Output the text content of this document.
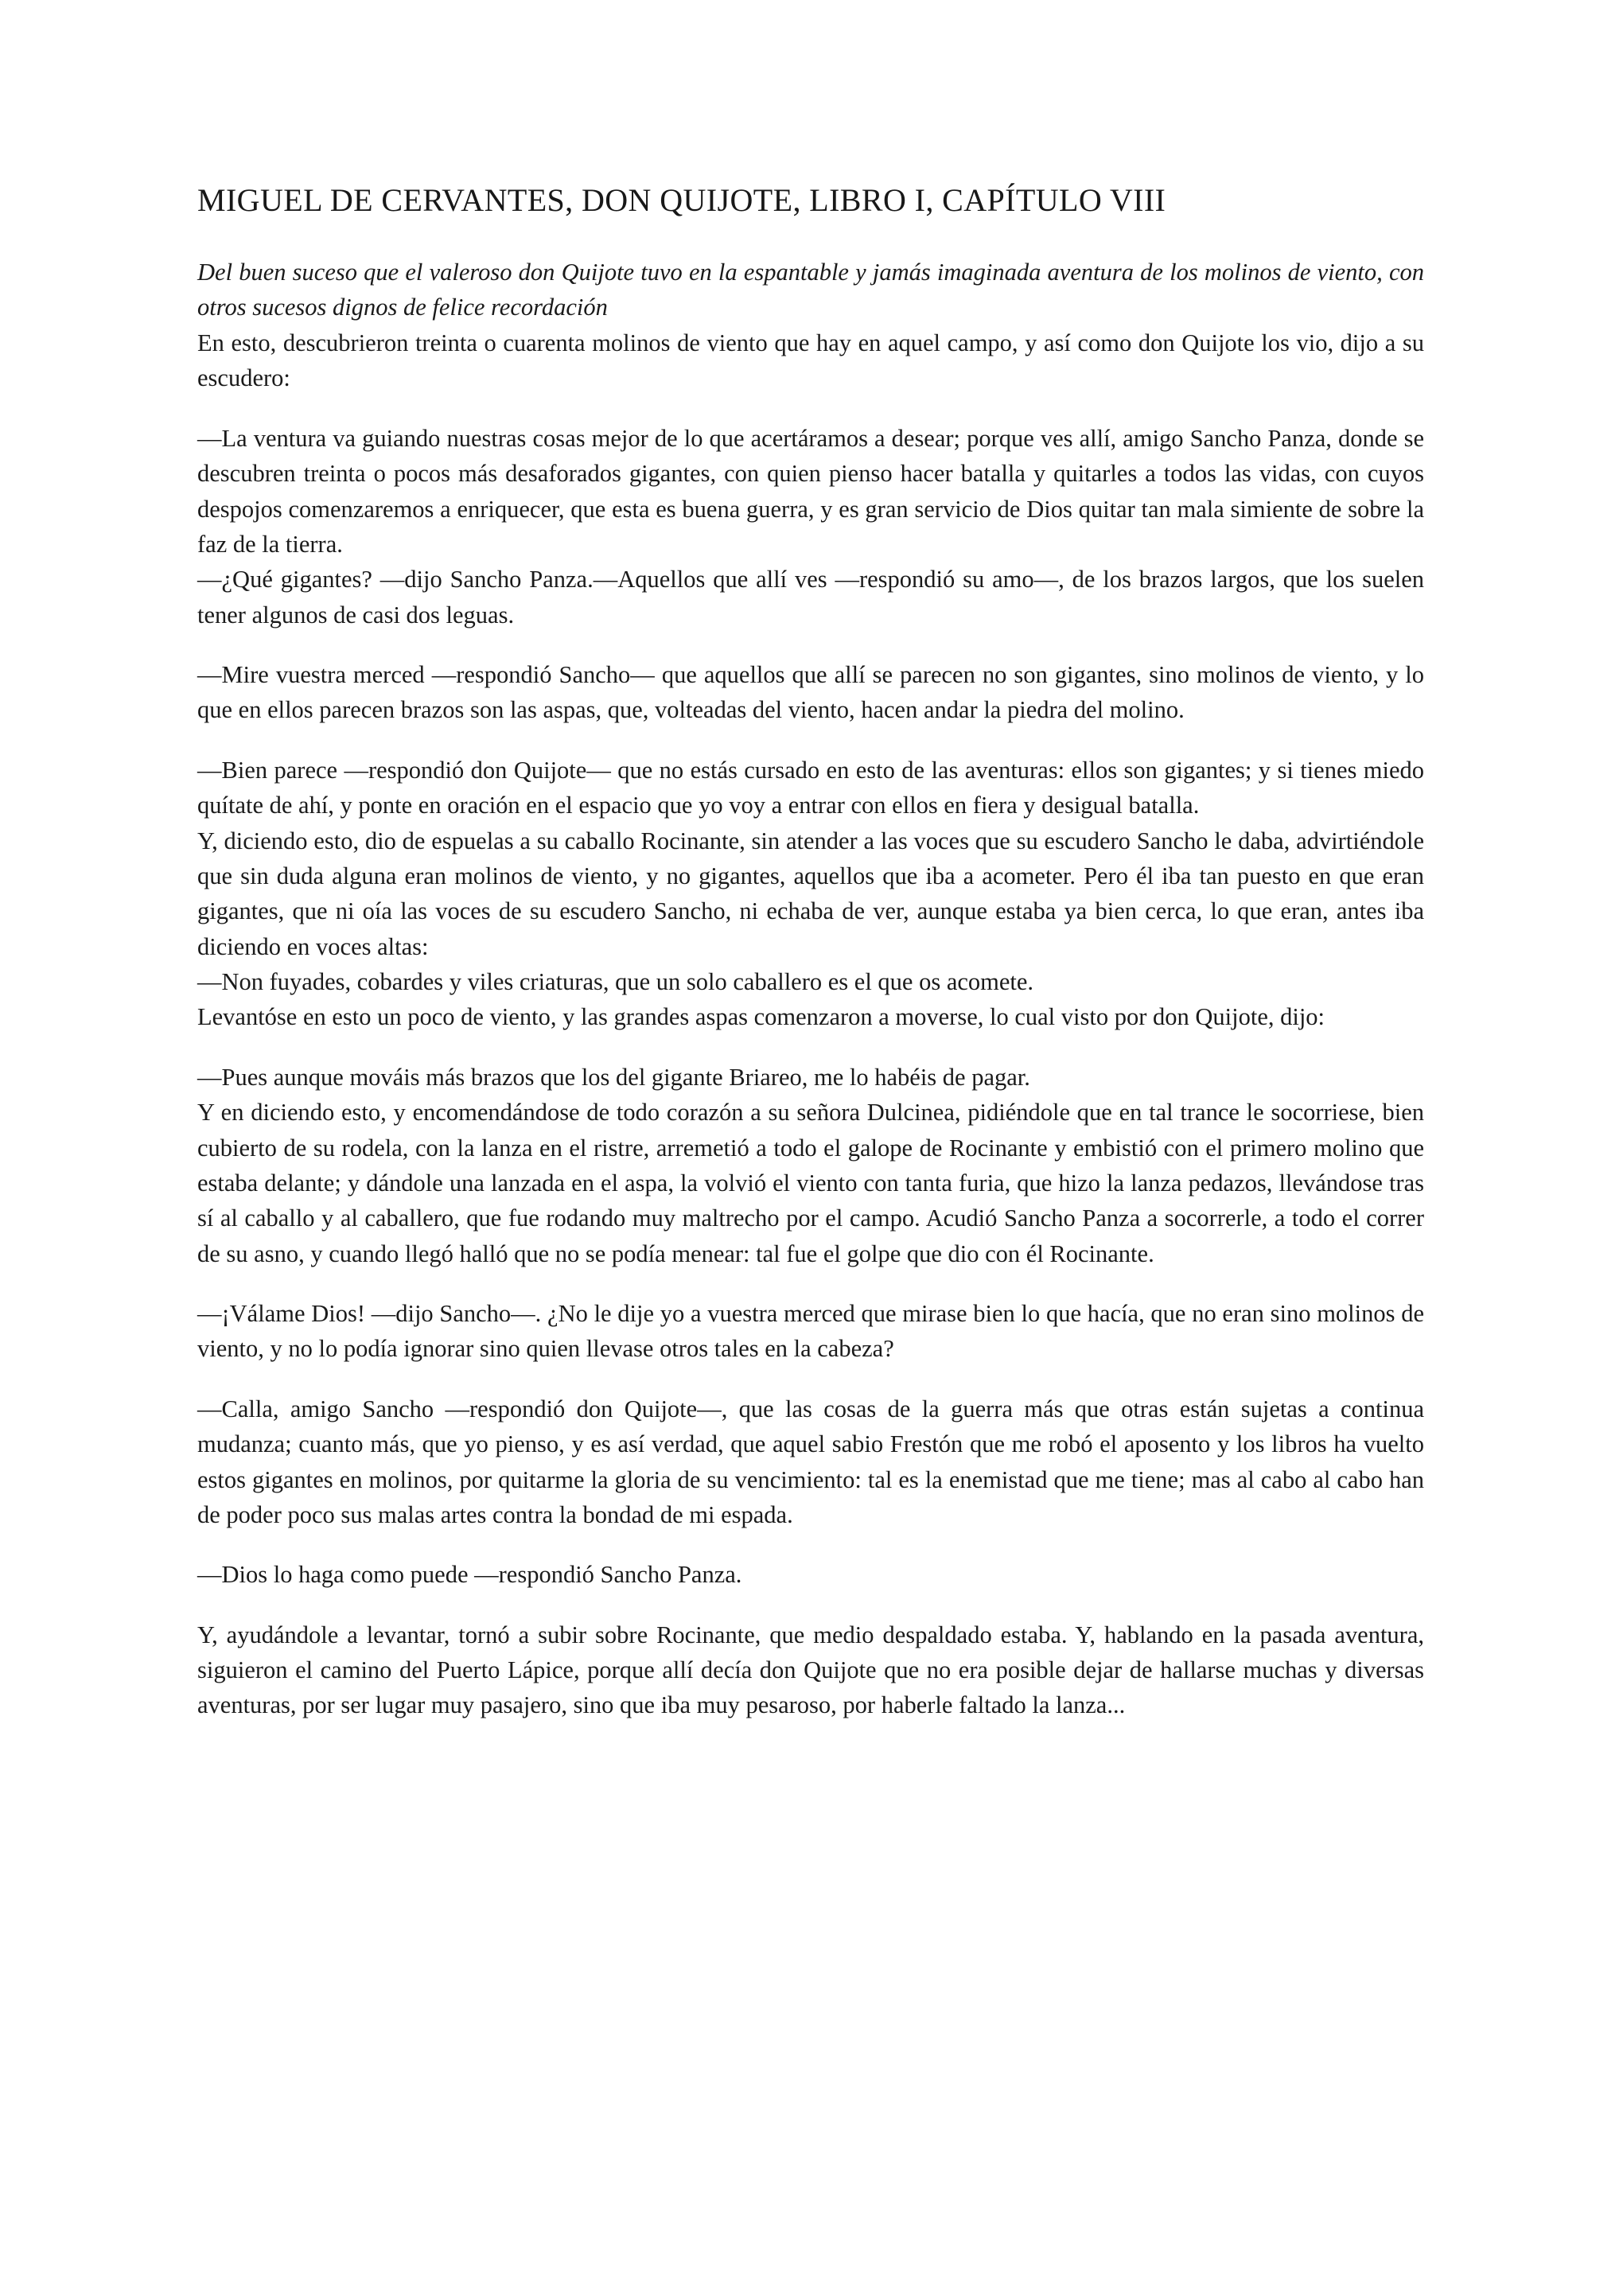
MIGUEL DE CERVANTES, DON QUIJOTE, LIBRO I, CAPÍTULO VIII

Del buen suceso que el valeroso don Quijote tuvo en la espantable y jamás imaginada aventura de los molinos de viento, con otros sucesos dignos de felice recordación

En esto, descubrieron treinta o cuarenta molinos de viento que hay en aquel campo, y así como don Quijote los vio, dijo a su escudero:

—La ventura va guiando nuestras cosas mejor de lo que acertáramos a desear; porque ves allí, amigo Sancho Panza, donde se descubren treinta o pocos más desaforados gigantes, con quien pienso hacer batalla y quitarles a todos las vidas, con cuyos despojos comenzaremos a enriquecer, que esta es buena guerra, y es gran servicio de Dios quitar tan mala simiente de sobre la faz de la tierra.

—¿Qué gigantes? —dijo Sancho Panza.—Aquellos que allí ves —respondió su amo—, de los brazos largos, que los suelen tener algunos de casi dos leguas.

—Mire vuestra merced —respondió Sancho— que aquellos que allí se parecen no son gigantes, sino molinos de viento, y lo que en ellos parecen brazos son las aspas, que, volteadas del viento, hacen andar la piedra del molino.

—Bien parece —respondió don Quijote— que no estás cursado en esto de las aventuras: ellos son gigantes; y si tienes miedo quítate de ahí, y ponte en oración en el espacio que yo voy a entrar con ellos en fiera y desigual batalla.

Y, diciendo esto, dio de espuelas a su caballo Rocinante, sin atender a las voces que su escudero Sancho le daba, advirtiéndole que sin duda alguna eran molinos de viento, y no gigantes, aquellos que iba a acometer. Pero él iba tan puesto en que eran gigantes, que ni oía las voces de su escudero Sancho, ni echaba de ver, aunque estaba ya bien cerca, lo que eran, antes iba diciendo en voces altas:

—Non fuyades, cobardes y viles criaturas, que un solo caballero es el que os acomete.

Levantóse en esto un poco de viento, y las grandes aspas comenzaron a moverse, lo cual visto por don Quijote, dijo:

—Pues aunque mováis más brazos que los del gigante Briareo, me lo habéis de pagar.

Y en diciendo esto, y encomendándose de todo corazón a su señora Dulcinea, pidiéndole que en tal trance le socorriese, bien cubierto de su rodela, con la lanza en el ristre, arremetió a todo el galope de Rocinante y embistió con el primero molino que estaba delante; y dándole una lanzada en el aspa, la volvió el viento con tanta furia, que hizo la lanza pedazos, llevándose tras sí al caballo y al caballero, que fue rodando muy maltrecho por el campo. Acudió Sancho Panza a socorrerle, a todo el correr de su asno, y cuando llegó halló que no se podía menear: tal fue el golpe que dio con él Rocinante.

—¡Válame Dios! —dijo Sancho—. ¿No le dije yo a vuestra merced que mirase bien lo que hacía, que no eran sino molinos de viento, y no lo podía ignorar sino quien llevase otros tales en la cabeza?

—Calla, amigo Sancho —respondió don Quijote—, que las cosas de la guerra más que otras están sujetas a continua mudanza; cuanto más, que yo pienso, y es así verdad, que aquel sabio Frestón que me robó el aposento y los libros ha vuelto estos gigantes en molinos, por quitarme la gloria de su vencimiento: tal es la enemistad que me tiene; mas al cabo al cabo han de poder poco sus malas artes contra la bondad de mi espada.

—Dios lo haga como puede —respondió Sancho Panza.

Y, ayudándole a levantar, tornó a subir sobre Rocinante, que medio despaldado estaba. Y, hablando en la pasada aventura, siguieron el camino del Puerto Lápice, porque allí decía don Quijote que no era posible dejar de hallarse muchas y diversas aventuras, por ser lugar muy pasajero, sino que iba muy pesaroso, por haberle faltado la lanza...
